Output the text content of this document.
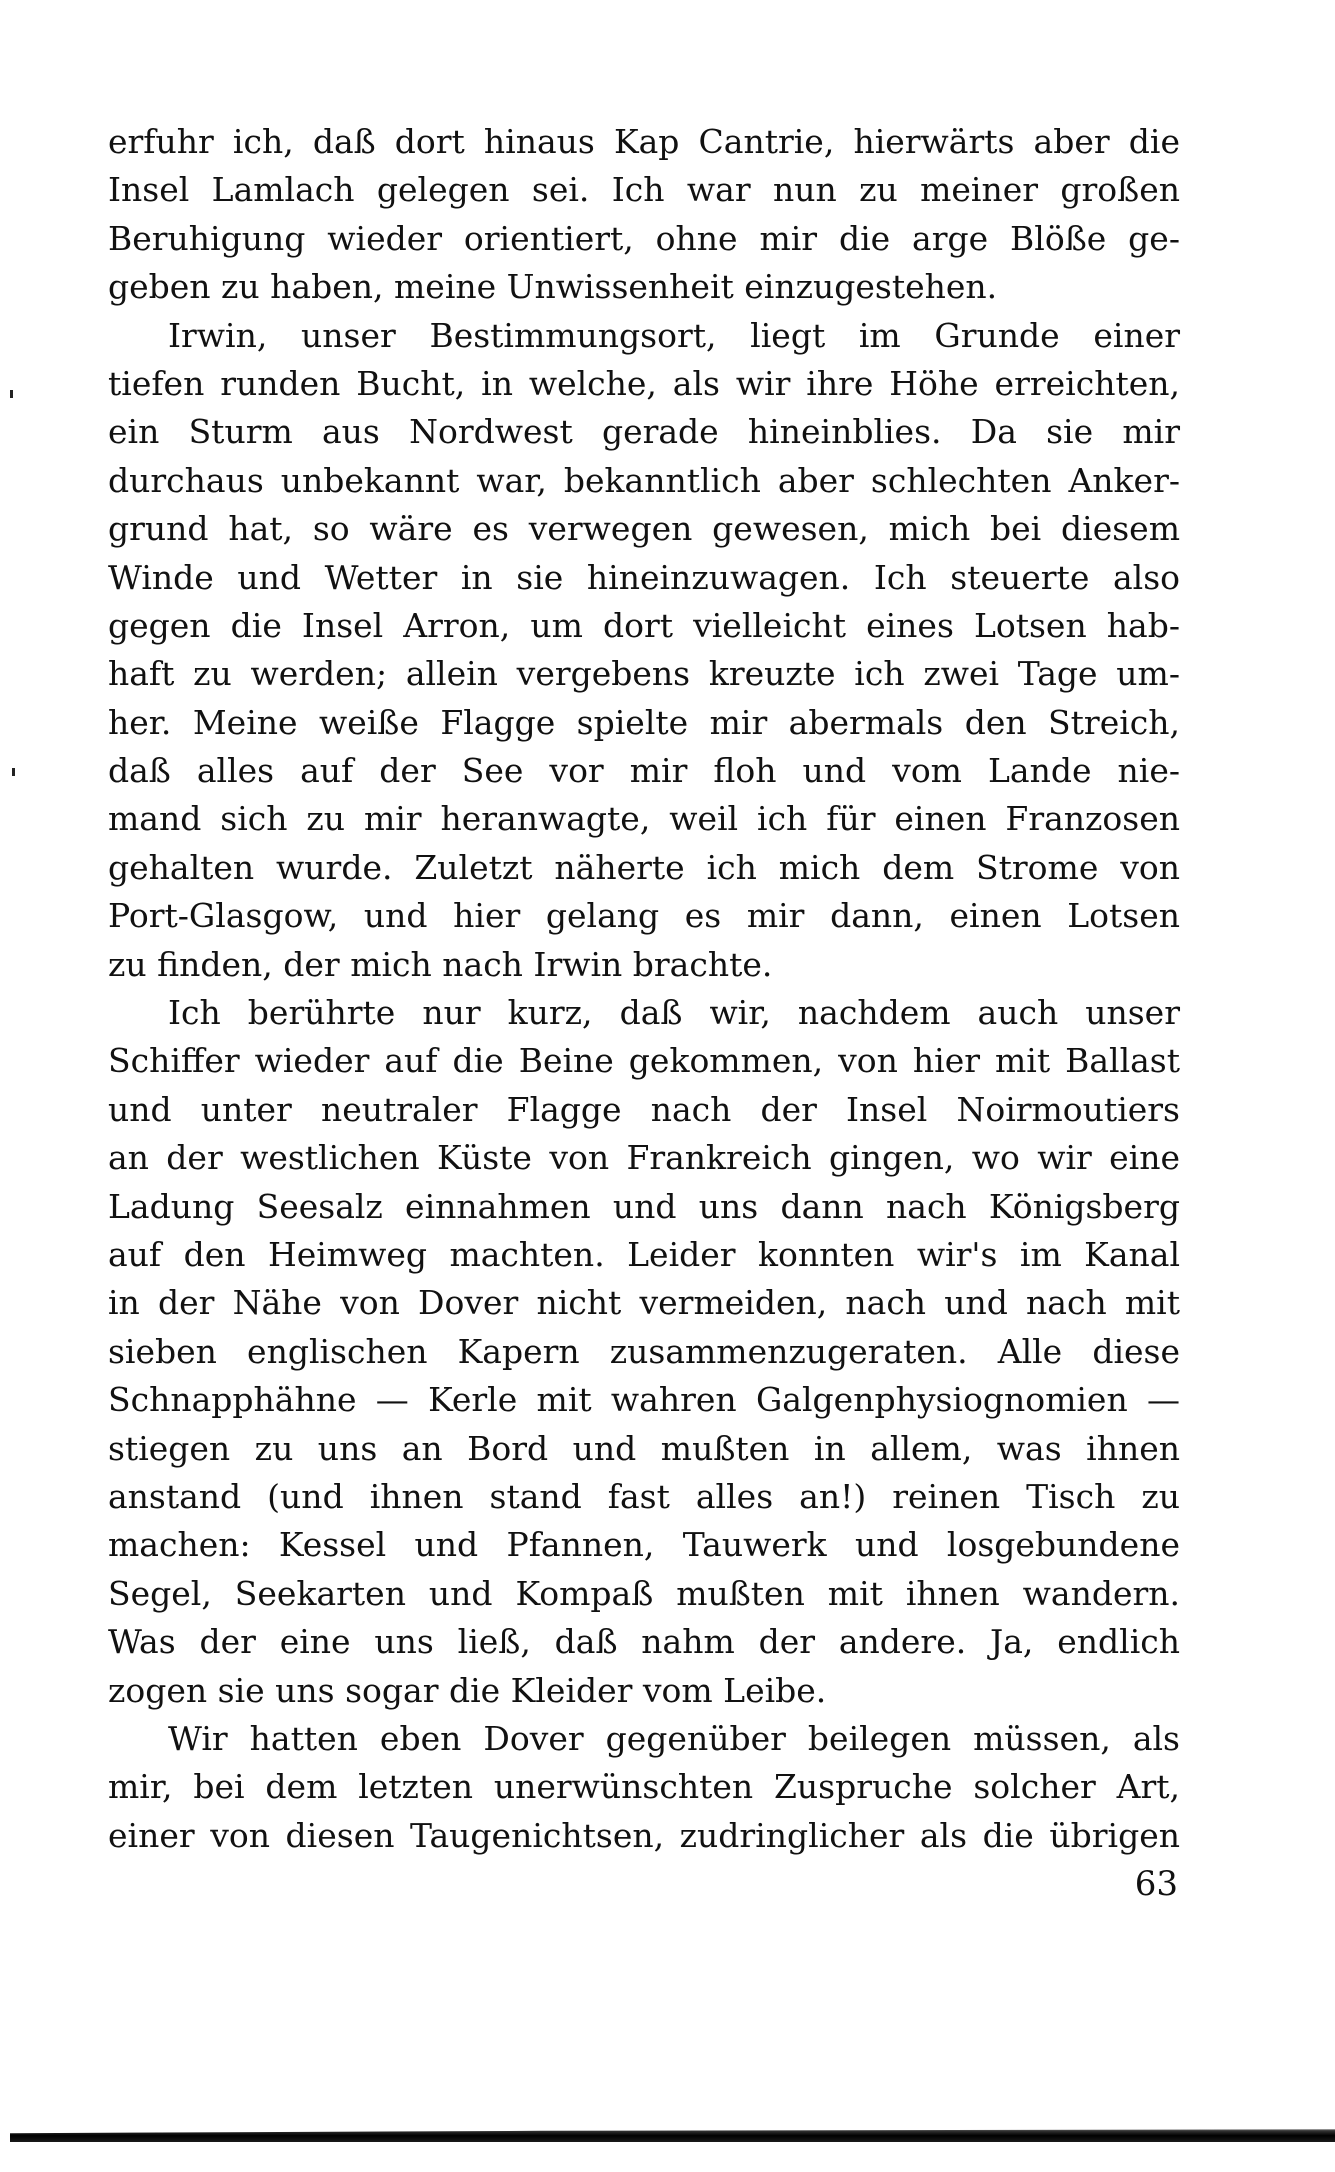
erfuhr ich, daß dort hinaus Kap Cantrie, hierwärts aber die
Insel Lamlach gelegen sei. Ich war nun zu meiner großen
Beruhigung wieder orientiert, ohne mir die arge Blöße ge-
geben zu haben, meine Unwissenheit einzugestehen.
Irwin, unser Bestimmungsort, liegt im Grunde einer
tiefen runden Bucht, in welche, als wir ihre Höhe erreichten,
ein Sturm aus Nordwest gerade hineinblies. Da sie mir
durchaus unbekannt war, bekanntlich aber schlechten Anker-
grund hat, so wäre es verwegen gewesen, mich bei diesem
Winde und Wetter in sie hineinzuwagen. Ich steuerte also
gegen die Insel Arron, um dort vielleicht eines Lotsen hab-
haft zu werden; allein vergebens kreuzte ich zwei Tage um-
her. Meine weiße Flagge spielte mir abermals den Streich,
daß alles auf der See vor mir floh und vom Lande nie-
mand sich zu mir heranwagte, weil ich für einen Franzosen
gehalten wurde. Zuletzt näherte ich mich dem Strome von
Port-Glasgow, und hier gelang es mir dann, einen Lotsen
zu finden, der mich nach Irwin brachte.
Ich berührte nur kurz, daß wir, nachdem auch unser
Schiffer wieder auf die Beine gekommen, von hier mit Ballast
und unter neutraler Flagge nach der Insel Noirmoutiers
an der westlichen Küste von Frankreich gingen, wo wir eine
Ladung Seesalz einnahmen und uns dann nach Königsberg
auf den Heimweg machten. Leider konnten wir's im Kanal
in der Nähe von Dover nicht vermeiden, nach und nach mit
sieben englischen Kapern zusammenzugeraten. Alle diese
Schnapphähne — Kerle mit wahren Galgenphysiognomien —
stiegen zu uns an Bord und mußten in allem, was ihnen
anstand (und ihnen stand fast alles an!) reinen Tisch zu
machen: Kessel und Pfannen, Tauwerk und losgebundene
Segel, Seekarten und Kompaß mußten mit ihnen wandern.
Was der eine uns ließ, daß nahm der andere. Ja, endlich
zogen sie uns sogar die Kleider vom Leibe.
Wir hatten eben Dover gegenüber beilegen müssen, als
mir, bei dem letzten unerwünschten Zuspruche solcher Art,
einer von diesen Taugenichtsen, zudringlicher als die übrigen
63
